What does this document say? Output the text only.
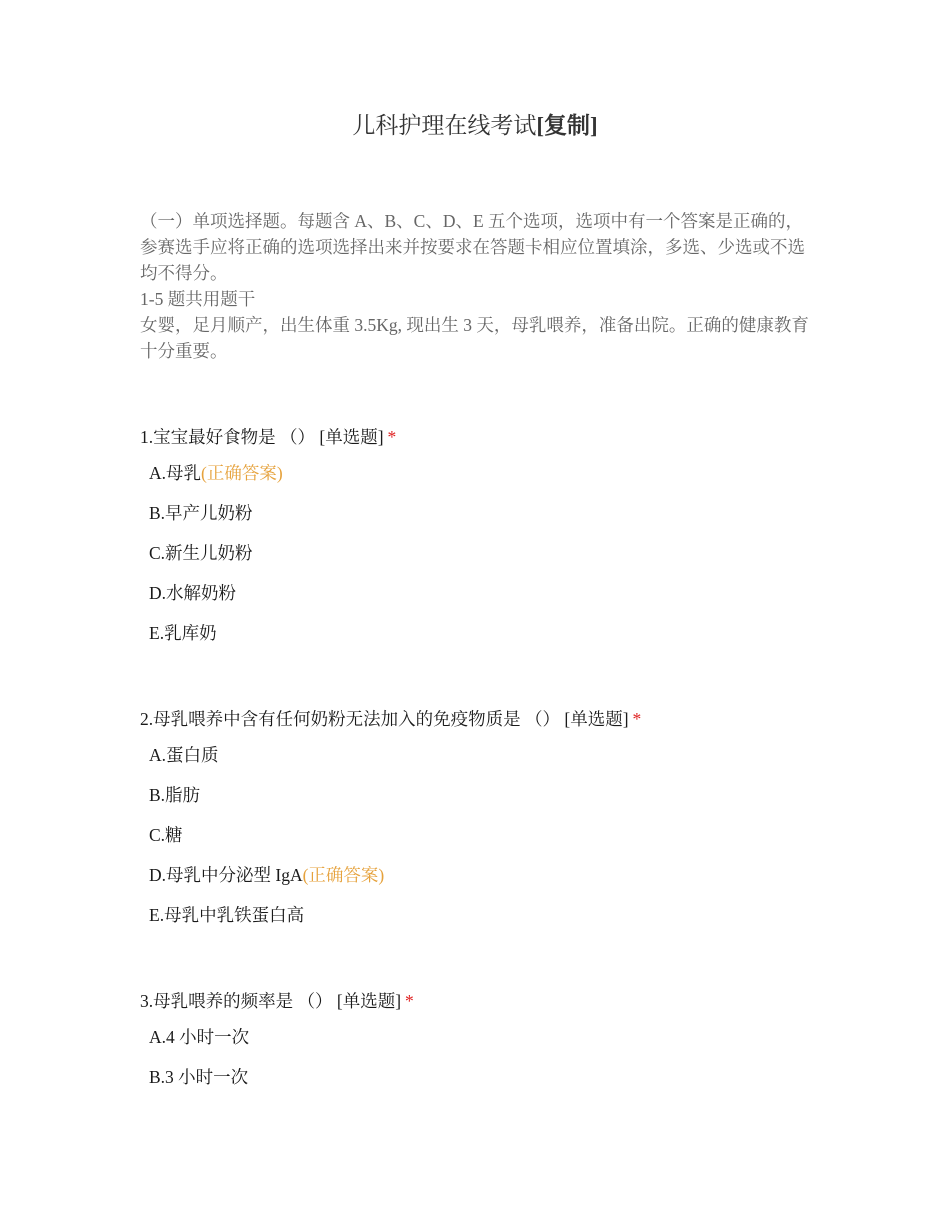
儿科护理在线考试[复制]

（一）单项选择题。每题含 A、B、C、D、E 五个选项，选项中有一个答案是正确的，参赛选手应将正确的选项选择出来并按要求在答题卡相应位置填涂，多选、少选或不选均不得分。

1-5 题共用题干

女婴，足月顺产，出生体重 3.5Kg, 现出生 3 天，母乳喂养，准备出院。正确的健康教育十分重要。

1.宝宝最好食物是 （） [单选题] *
A.母乳(正确答案)
B.早产儿奶粉
C.新生儿奶粉
D.水解奶粉
E.乳库奶
2.母乳喂养中含有任何奶粉无法加入的免疫物质是 （） [单选题] *
A.蛋白质
B.脂肪
C.糖
D.母乳中分泌型 IgA(正确答案)
E.母乳中乳铁蛋白高
3.母乳喂养的频率是 （） [单选题] *
A.4 小时一次
B.3 小时一次
